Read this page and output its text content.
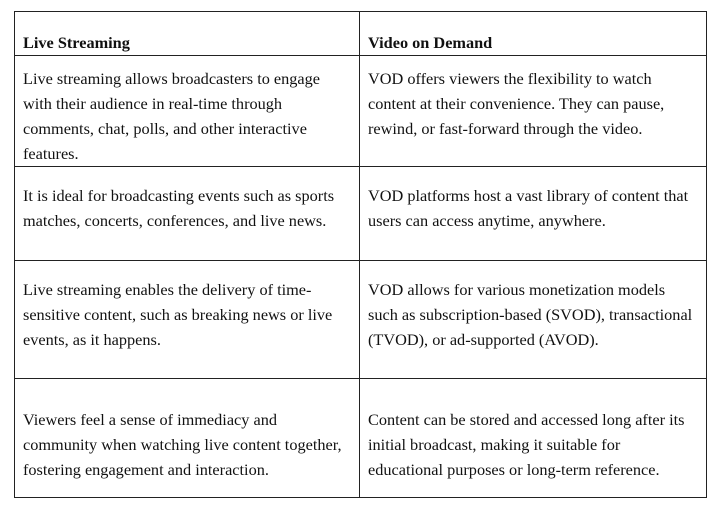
Live Streaming	Video on Demand
Live streaming allows broadcasters to engage with their audience in real-time through comments, chat, polls, and other interactive features.	VOD offers viewers the flexibility to watch content at their convenience. They can pause, rewind, or fast-forward through the video.
It is ideal for broadcasting events such as sports matches, concerts, conferences, and live news.	VOD platforms host a vast library of content that users can access anytime, anywhere.
Live streaming enables the delivery of time-sensitive content, such as breaking news or live events, as it happens.	VOD allows for various monetization models such as subscription-based (SVOD), transactional (TVOD), or ad-supported (AVOD).
Viewers feel a sense of immediacy and community when watching live content together, fostering engagement and interaction.	Content can be stored and accessed long after its initial broadcast, making it suitable for educational purposes or long-term reference.
